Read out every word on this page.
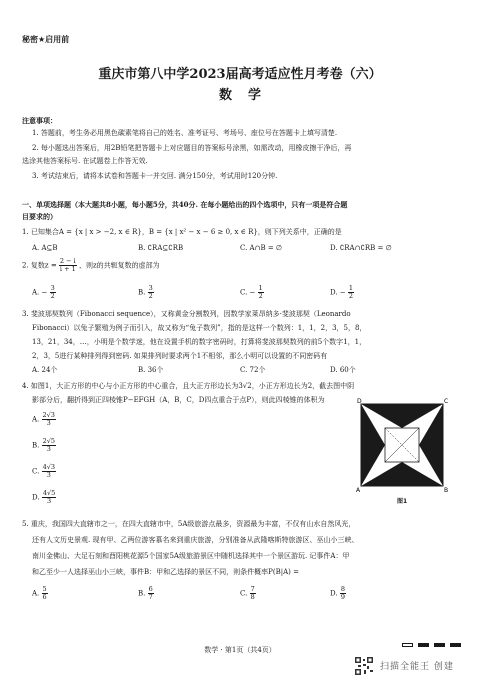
秘密★启用前
重庆市第八中学2023届高考适应性月考卷（六）
数学
注意事项：
1. 答题前，考生务必用黑色碳素笔将自己的姓名、准考证号、考场号、座位号在答题卡上填写清楚.
2. 每小题选出答案后，用2B铅笔把答题卡上对应题目的答案标号涂黑，如需改动，用橡皮擦干净后，再
选涂其他答案标号. 在试题卷上作答无效.
3. 考试结束后，请将本试卷和答题卡一并交回. 满分150分，考试用时120分钟.
一、单项选择题（本大题共8小题，每小题5分，共40分. 在每小题给出的四个选项中，只有一项是符合题
目要求的）
1. 已知集合A = {x | x > −2, x ∈ R}，B = {x | x² − x − 6 ≥ 0, x ∈ R}，则下列关系中，正确的是
A. A⊆B	B. ∁RA⊆∁RB	C. A∩B = ∅	D. ∁RA∩∁RB = ∅
2. 复数$z = \frac{2 - i}{i + 1}$ ，则z的共轭复数的虚部为
A. − $\frac{3}{2}$	B. $\frac{3}{2}$	C. − $\frac{1}{2}$	D. − $\frac{1}{2}$
3. 斐波那契数列（Fibonacci sequence），又称黄金分割数列，因数学家莱昂纳多·斐波那契（Leonardo
Fibonacci）以兔子繁殖为例子而引入，故又称为“兔子数列”，指的是这样一个数列：1，1，2，3，5，8，
13，21，34，…，小明是个数学迷，他在设置手机的数字密码时，打算将斐波那契数列的前5个数字1，1，
2，3，5进行某种排列得到密码. 如果排列时要求两个1不相邻，那么小明可以设置的不同密码有
A. 24个	B. 36个	C. 72个	D. 60个
4. 如图1，大正方形的中心与小正方形的中心重合，且大正方形边长为3√2，小正方形边长为2，截去图中阴
影部分后，翻折得到正四棱锥P−EFGH（A，B，C，D四点重合于点P），则此四棱锥的体积为
A. $\frac{2√3}{3}$
B. $\frac{2√5}{3}$
C. $\frac{4√3}{3}$
D. $\frac{4√5}{3}$
D	C
A	B
图1
5. 重庆，我国四大直辖市之一，在四大直辖市中，5A级旅游点最多，资源最为丰富，不仅有山水自然风光，
还有人文历史景观. 现有甲、乙两位游客慕名来到重庆旅游，分别准备从武隆喀斯特旅游区、巫山小三峡、
南川金佛山、大足石刻和酉阳桃花源5个国家5A级旅游景区中随机选择其中一个景区游玩. 记事件A：甲
和乙至少一人选择巫山小三峡，事件B：甲和乙选择的景区不同，则条件概率P(B|A) =
A. $\frac{5}{6}$	B. $\frac{6}{7}$	C. $\frac{7}{8}$	D. $\frac{8}{9}$
数学 · 第1页（共4页）
扫描全能王 创建
